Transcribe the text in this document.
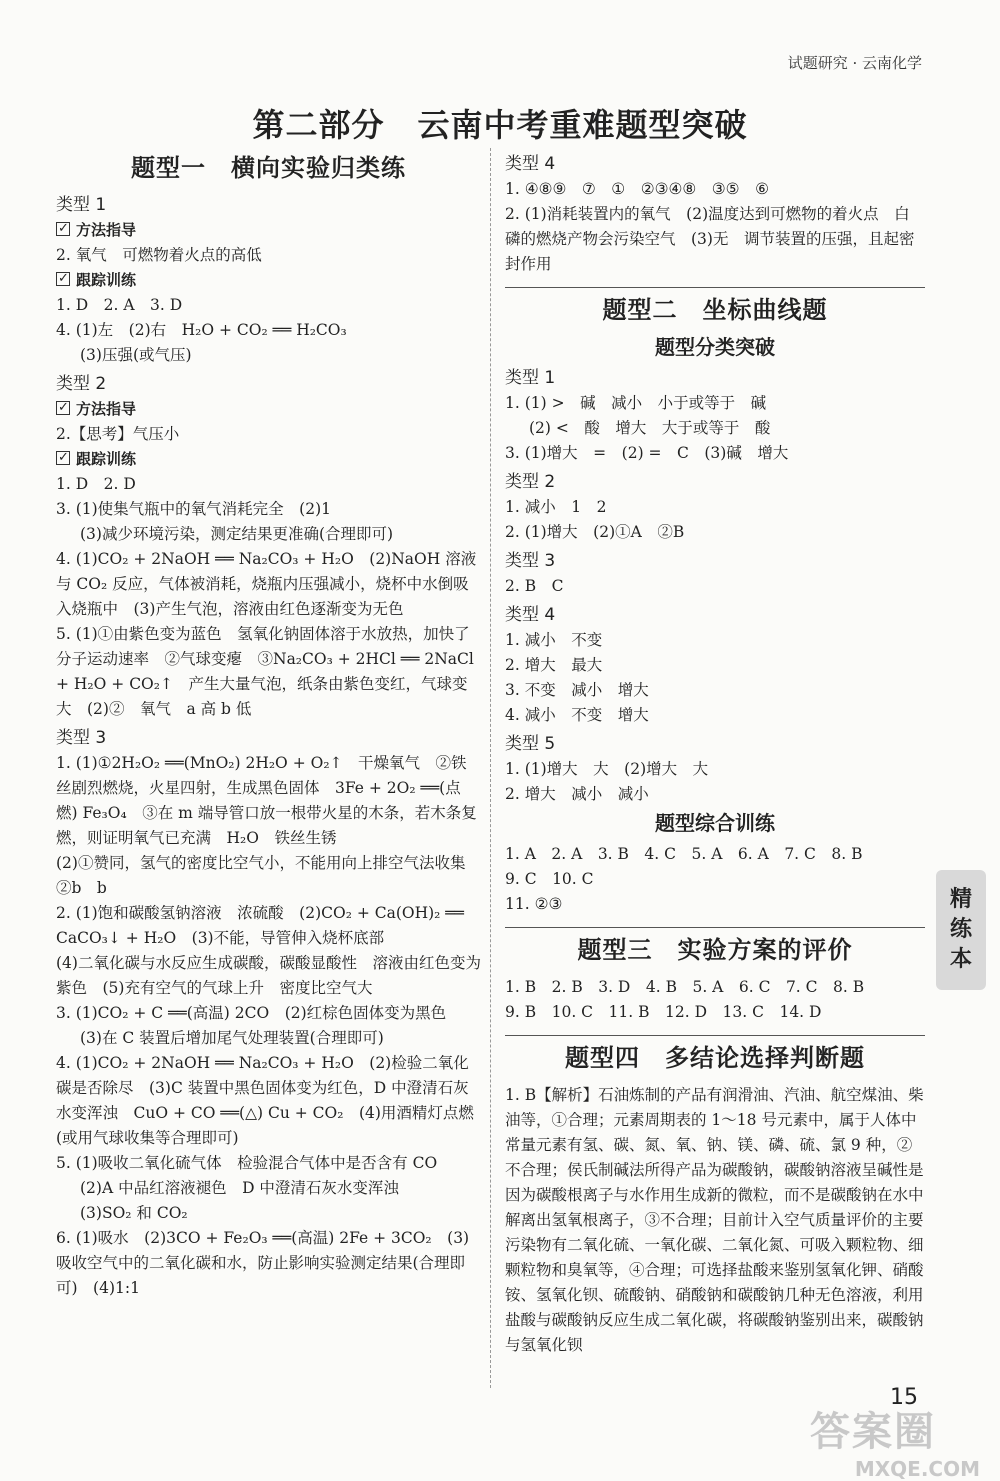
试题研究 · 云南化学
第二部分　云南中考重难题型突破
题型一　横向实验归类练
类型 1
✓方法指导
2. 氧气　可燃物着火点的高低
✓跟踪训练
1. D　2. A　3. D
4. (1)左　(2)右　H₂O + CO₂ ══ H₂CO₃
(3)压强(或气压)
类型 2
✓方法指导
2.【思考】气压小
✓跟踪训练
1. D　2. D
3. (1)使集气瓶中的氧气消耗完全　(2)1
(3)减少环境污染，测定结果更准确(合理即可)
4. (1)CO₂ + 2NaOH ══ Na₂CO₃ + H₂O　(2)NaOH 溶液与 CO₂ 反应，气体被消耗，烧瓶内压强减小，烧杯中水倒吸入烧瓶中　(3)产生气泡，溶液由红色逐渐变为无色
5. (1)①由紫色变为蓝色　氢氧化钠固体溶于水放热，加快了分子运动速率　②气球变瘪　③Na₂CO₃ + 2HCl ══ 2NaCl + H₂O + CO₂↑　产生大量气泡，纸条由紫色变红，气球变大　(2)②　氧气　a 高 b 低
类型 3
1. (1)①2H₂O₂ ══(MnO₂) 2H₂O + O₂↑　干燥氧气　②铁丝剧烈燃烧，火星四射，生成黑色固体　3Fe + 2O₂ ══(点燃) Fe₃O₄　③在 m 端导管口放一根带火星的木条，若木条复燃，则证明氧气已充满　H₂O　铁丝生锈
(2)①赞同，氢气的密度比空气小，不能用向上排空气法收集　②b　b
2. (1)饱和碳酸氢钠溶液　浓硫酸　(2)CO₂ + Ca(OH)₂ ══ CaCO₃↓ + H₂O　(3)不能，导管伸入烧杯底部
(4)二氧化碳与水反应生成碳酸，碳酸显酸性　溶液由红色变为紫色　(5)充有空气的气球上升　密度比空气大
3. (1)CO₂ + C ══(高温) 2CO　(2)红棕色固体变为黑色
(3)在 C 装置后增加尾气处理装置(合理即可)
4. (1)CO₂ + 2NaOH ══ Na₂CO₃ + H₂O　(2)检验二氧化碳是否除尽　(3)C 装置中黑色固体变为红色，D 中澄清石灰水变浑浊　CuO + CO ══(△) Cu + CO₂　(4)用酒精灯点燃(或用气球收集等合理即可)
5. (1)吸收二氧化硫气体　检验混合气体中是否含有 CO
(2)A 中品红溶液褪色　D 中澄清石灰水变浑浊
(3)SO₂ 和 CO₂
6. (1)吸水　(2)3CO + Fe₂O₃ ══(高温) 2Fe + 3CO₂　(3)吸收空气中的二氧化碳和水，防止影响实验测定结果(合理即可)　(4)1:1
类型 4
1. ④⑧⑨　⑦　①　②③④⑧　③⑤　⑥
2. (1)消耗装置内的氧气　(2)温度达到可燃物的着火点　白磷的燃烧产物会污染空气　(3)无　调节装置的压强，且起密封作用
题型二　坐标曲线题
题型分类突破
类型 1
1. (1) >　碱　减小　小于或等于　碱
(2) <　酸　增大　大于或等于　酸
3. (1)增大　=　(2) =　C　(3)碱　增大
类型 2
1. 减小　1　2
2. (1)增大　(2)①A　②B
类型 3
2. B　C
类型 4
1. 减小　不变
2. 增大　最大
3. 不变　减小　增大
4. 减小　不变　增大
类型 5
1. (1)增大　大　(2)增大　大
2. 增大　减小　减小
题型综合训练
1. A　2. A　3. B　4. C　5. A　6. A　7. C　8. B
9. C　10. C
11. ②③
题型三　实验方案的评价
1. B　2. B　3. D　4. B　5. A　6. C　7. C　8. B
9. B　10. C　11. B　12. D　13. C　14. D
题型四　多结论选择判断题
1. B【解析】石油炼制的产品有润滑油、汽油、航空煤油、柴油等，①合理；元素周期表的 1～18 号元素中，属于人体中常量元素有氢、碳、氮、氧、钠、镁、磷、硫、氯 9 种，②不合理；侯氏制碱法所得产品为碳酸钠，碳酸钠溶液呈碱性是因为碳酸根离子与水作用生成新的微粒，而不是碳酸钠在水中解离出氢氧根离子，③不合理；目前计入空气质量评价的主要污染物有二氧化硫、一氧化碳、二氧化氮、可吸入颗粒物、细颗粒物和臭氧等，④合理；可选择盐酸来鉴别氢氧化钾、硝酸铵、氢氧化钡、硫酸钠、硝酸钠和碳酸钠几种无色溶液，利用盐酸与碳酸钠反应生成二氧化碳，将碳酸钠鉴别出来，碳酸钠与氢氧化钡
精
练
本
15
答案圈
MXQE.COM
